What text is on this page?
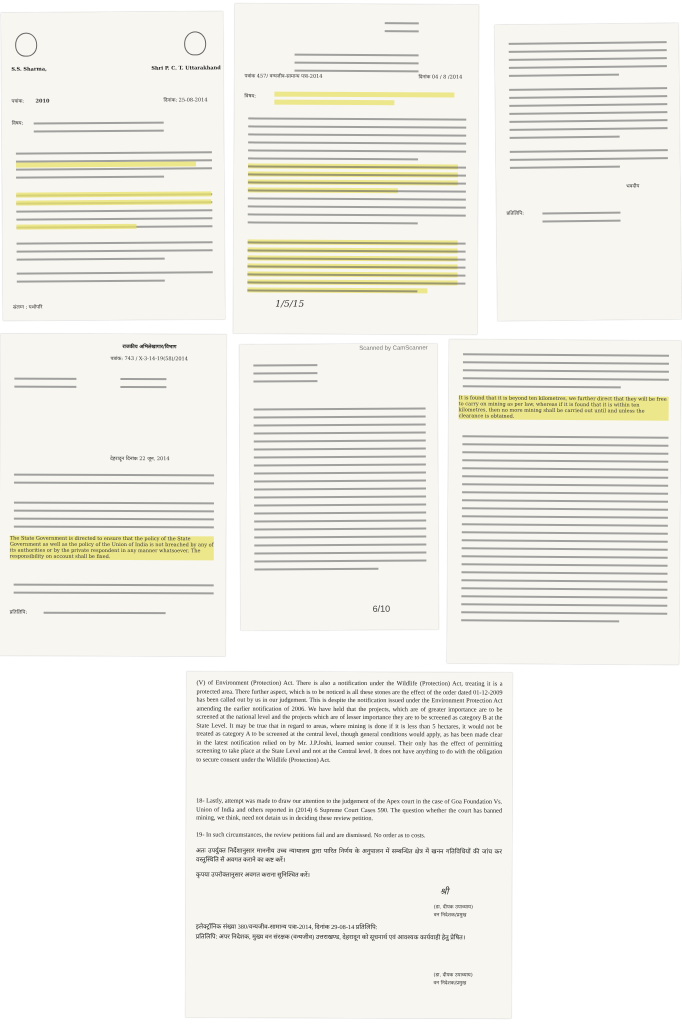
S.S. Sharma,	Shri P. C. T. Uttarakhand
पत्रांक: 2010	दिनांक: 25-08-2014
विषय:
संलग्न : यथोपरि
पत्रांक 457/ वन्यजीव-सामान्य पत्रा-2014	दिनांक 04 / 8 /2014
विषय:
1/5/15
भवदीय
प्रतिलिपि:
राजकीय अभिलेखागार/विभाग
पत्रांक: 743 / X-3-14-19(58)/2014
देहरादून दिनांक 22 जून, 2014
The State Government is directed to ensure that the policy of the State Government as well as the policy of the Union of India is not breached by any of its authorities or by the private respondent in any manner whatsoever. The responsibility on account shall be fixed.
प्रतिलिपि:	6/10
Scanned by CamScanner
It is found that it is beyond ten kilometres, we further direct that they will be free to carry on mining as per law, whereas if it is found that it is within ten kilometres, then no more mining shall be carried out until and unless the clearance is obtained.
(V) of Environment (Protection) Act. There is also a notification under the Wildlife (Protection) Act, treating it is a protected area. There further aspect, which is to be noticed is all these stones are the effect of the order dated 01-12-2009 has been called out by us in our judgement. This is despite the notification issued under the Environment Protection Act amending the earlier notification of 2006. We have held that the projects, which are of greater importance are to be screened at the national level and the projects which are of lesser importance they are to be screened as category B at the State Level. It may be true that in regard to areas, where mining is done if it is less than 5 hectares, it would not be treated as category A to be screened at the central level, though general conditions would apply, as has been made clear in the latest notification relied on by Mr. J.P.Joshi, learned senior counsel. Their only has the effect of permitting screening to take place at the State Level and not at the Central level. It does not have anything to do with the obligation to secure consent under the Wildlife (Protection) Act.
18- Lastly, attempt was made to draw our attention to the judgement of the Apex court in the case of Goa Foundation Vs. Union of India and others reported in (2014) 6 Supreme Court Cases 590. The question whether the court has banned mining, we think, need not detain us in deciding these review petition.
19- In such circumstances, the review petitions fail and are dismissed. No order as to costs.
अतः उपर्युक्त निर्देशानुसार माननीय उच्च न्यायालय द्वारा पारित निर्णय के अनुपालन में सम्बन्धित क्षेत्र में खनन गतिविधियों की जांच कर वस्तुस्थिति से अवगत कराने का कष्ट करें।
कृपया उपरोक्तानुसार अवगत कराना सुनिश्चित करें।
श्री
(डा. दीपक उपाध्याय)
वन निदेशक/प्रमुख
इलेक्ट्रॉनिक संख्या 380/वन्यजीव-सामान्य पत्रा-2014, दिनांक 29-08-14 प्रतिलिपि:
प्रतिलिपि: अपर निदेशक, मुख्य वन संरक्षक (वन्यजीव) उत्तराखण्ड, देहरादून को सूचनार्थ एवं आवश्यक कार्यवाही हेतु प्रेषित।
(डा. दीपक उपाध्याय)
वन निदेशक/प्रमुख
